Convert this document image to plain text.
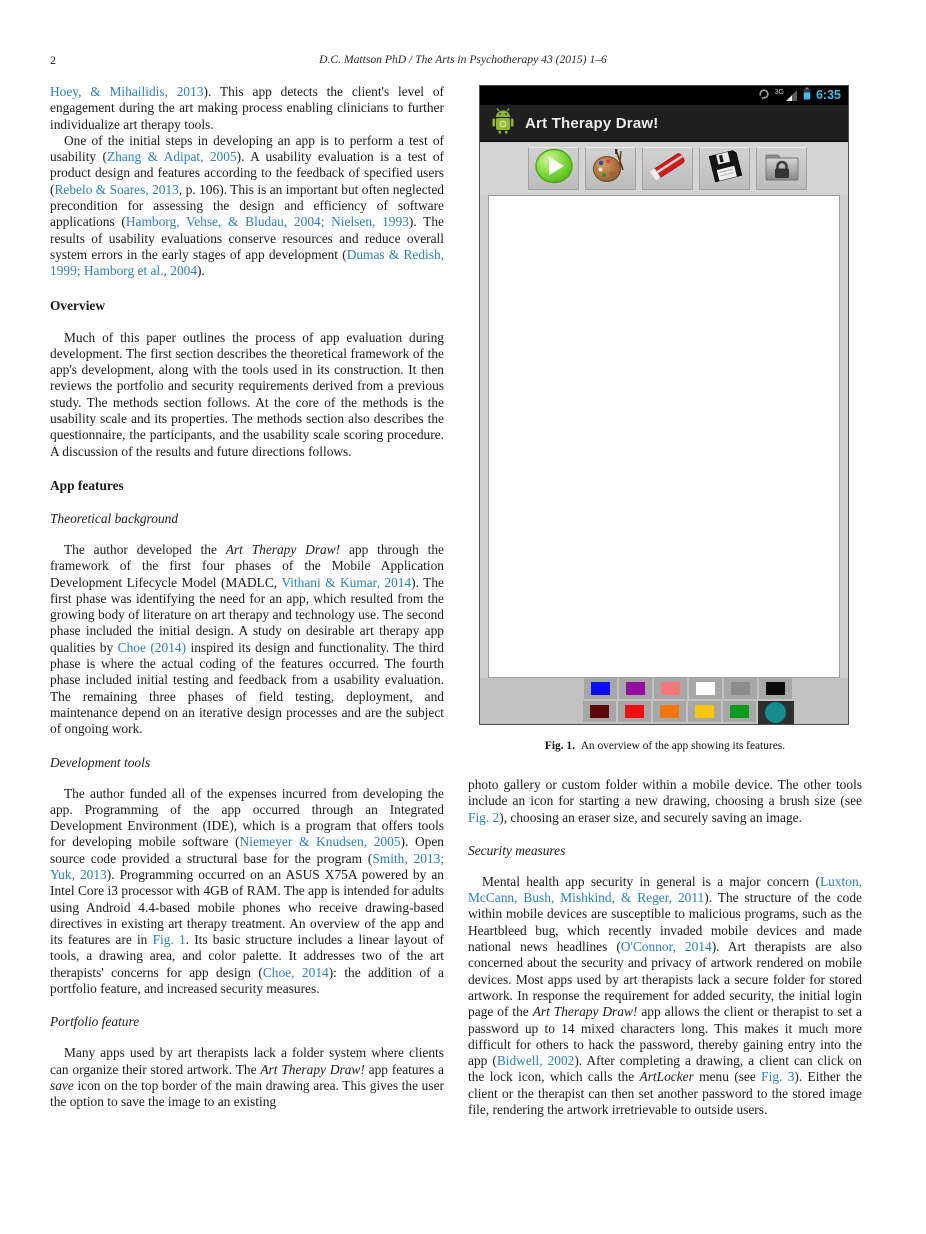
2	D.C. Mattson PhD / The Arts in Psychotherapy 43 (2015) 1–6

Hoey, & Mihailidis, 2013). This app detects the client's level of engagement during the art making process enabling clinicians to further individualize art therapy tools.

One of the initial steps in developing an app is to perform a test of usability (Zhang & Adipat, 2005). A usability evaluation is a test of product design and features according to the feedback of specified users (Rebelo & Soares, 2013, p. 106). This is an important but often neglected precondition for assessing the design and efficiency of software applications (Hamborg, Vehse, & Bludau, 2004; Nielsen, 1993). The results of usability evaluations conserve resources and reduce overall system errors in the early stages of app development (Dumas & Redish, 1999; Hamborg et al., 2004).

Overview

Much of this paper outlines the process of app evaluation during development. The first section describes the theoretical framework of the app's development, along with the tools used in its construction. It then reviews the portfolio and security requirements derived from a previous study. The methods section follows. At the core of the methods is the usability scale and its properties. The methods section also describes the questionnaire, the participants, and the usability scale scoring procedure. A discussion of the results and future directions follows.

App features
Theoretical background

The author developed the Art Therapy Draw! app through the framework of the first four phases of the Mobile Application Development Lifecycle Model (MADLC, Vithani & Kumar, 2014). The first phase was identifying the need for an app, which resulted from the growing body of literature on art therapy and technology use. The second phase included the initial design. A study on desirable art therapy app qualities by Choe (2014) inspired its design and functionality. The third phase is where the actual coding of the features occurred. The fourth phase included initial testing and feedback from a usability evaluation. The remaining three phases of field testing, deployment, and maintenance depend on an iterative design processes and are the subject of ongoing work.

Development tools

The author funded all of the expenses incurred from developing the app. Programming of the app occurred through an Integrated Development Environment (IDE), which is a program that offers tools for developing mobile software (Niemeyer & Knudsen, 2005). Open source code provided a structural base for the program (Smith, 2013; Yuk, 2013). Programming occurred on an ASUS X75A powered by an Intel Core i3 processor with 4GB of RAM. The app is intended for adults using Android 4.4-based mobile phones who receive drawing-based directives in existing art therapy treatment. An overview of the app and its features are in Fig. 1. Its basic structure includes a linear layout of tools, a drawing area, and color palette. It addresses two of the art therapists' concerns for app design (Choe, 2014): the addition of a portfolio feature, and increased security measures.

Portfolio feature

Many apps used by art therapists lack a folder system where clients can organize their stored artwork. The Art Therapy Draw! app features a save icon on the top border of the main drawing area. This gives the user the option to save the image to an existing

3G	6:35
Art Therapy Draw!
Fig. 1. An overview of the app showing its features.

photo gallery or custom folder within a mobile device. The other tools include an icon for starting a new drawing, choosing a brush size (see Fig. 2), choosing an eraser size, and securely saving an image.

Security measures

Mental health app security in general is a major concern (Luxton, McCann, Bush, Mishkind, & Reger, 2011). The structure of the code within mobile devices are susceptible to malicious programs, such as the Heartbleed bug, which recently invaded mobile devices and made national news headlines (O'Connor, 2014). Art therapists are also concerned about the security and privacy of artwork rendered on mobile devices. Most apps used by art therapists lack a secure folder for stored artwork. In response the requirement for added security, the initial login page of the Art Therapy Draw! app allows the client or therapist to set a password up to 14 mixed characters long. This makes it much more difficult for others to hack the password, thereby gaining entry into the app (Bidwell, 2002). After completing a drawing, a client can click on the lock icon, which calls the ArtLocker menu (see Fig. 3). Either the client or the therapist can then set another password to the stored image file, rendering the artwork irretrievable to outside users.
